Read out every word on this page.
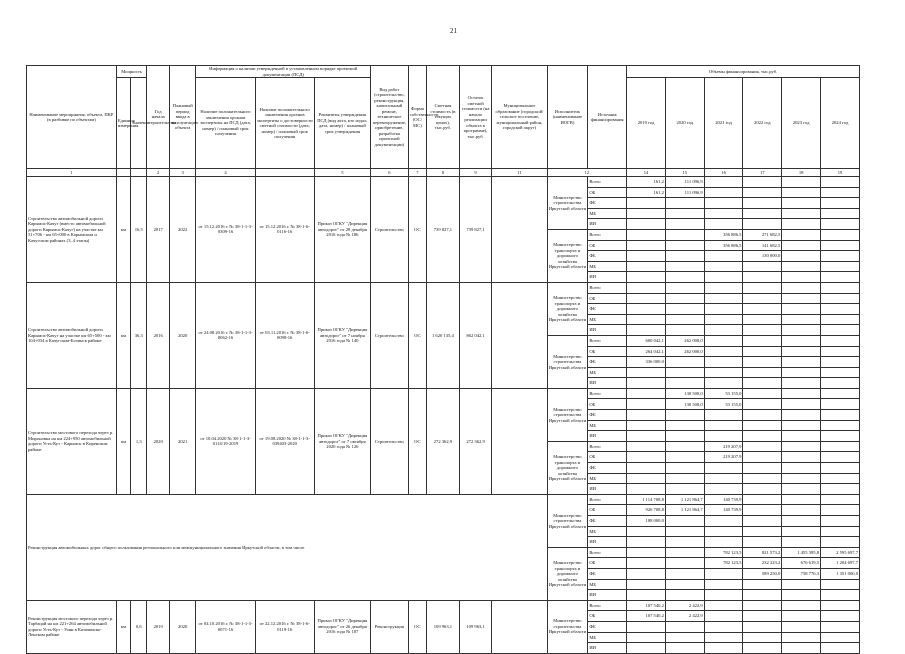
21
Наименование мероприятия, объекта, ПКР (в разбивке по объектам)	Мощность		Год начала строительства	Плановый период ввода в эксплуатацию объекта	Информация о наличии утвержденной в установленном порядке проектной документации (ПСД)			Вид работ (строительство, реконструкция, капитальный ремонт, техническое перевооружение, приобретение, разработка проектной документации)	Форма собственности (ОС/МС)	Сметная стоимость (в текущих ценах), тыс.руб.	Остаток сметной стоимости (на начало реализации объекта в программе), тыс.руб.	Муниципальное образование (городской/сельское поселение, муниципальный район, городской округ)	Исполнитель (наименование ИОГВ)	Источник финансирования	Объемы финансирования, тыс.руб.					
	Единица измерения	Значение			Наличие положительного заключения органов экспертизы на ПСД (дата, номер) / плановый срок получения	Наличие положительного заключения органов экспертизы о достоверности сметной стоимости (дата, номер) / плановый срок получения	Реквизиты утверждения ПСД (вид акта, кто издал, дата, номер) / плановый срок утверждения								2019 год	2020 год	2021 год	2022 год	2023 год	2024 год
1			2	3	4		5	6	7	8	9	11	12		14	15	16	17	18	19
Строительство автомобильной дороги Карымск-Качуг (вместо автомобильной дороги Кярымск-Качуг) на участке км 51+706 - км 65+000 в Карымском и Качугском районах (3, 4 этапы)	км	16,5	2017	2022	от 15.12.2016 г. № 38-1-1-3-0309-16	от 15.12.2016 г. № 38-1-6-0116-16	Приказ ОГКУ "Дирекция автодорог" от 28 декабря 2016 года № 186	Строительство	ОС	739 827,1	739 827,1		Министерство строительства Иркутской области	Всего	161,2	111 096,9				
														ОБ	161,2	111 096,9				
														ФБ						
														МБ						
														ИИ						
													Министерство транспорта и дорожного хозяйства Иркутской области	Всего			356 886,5	271 682,5		
														ОБ			356 886,5	141 682,5		
														ФБ				130 000,0		
														МБ						
														ИИ						
Строительство автомобильной дороги Карымск-Качуг на участке км 65+500 - км 104+034 в Качугском-Бозинск районе	км	36,3	2016	2020	от 24.08.2016 г. № 38-1-1-3-0062-16	от 03.11.2016 г. № 38-1-6-0098-16	Приказ ОГКУ "Дирекция автодорог" от 7 ноября 2016 года № 140	Строительство	ОС	1 620 135,4	862 042,1		Министерство транспорта и дорожного хозяйства Иркутской области	Всего						
														ОБ						
														ФБ						
														МБ						
														ИИ						
													Министерство строительства Иркутской области	Всего	600 042,1	262 000,0				
														ОБ	264 042,1	262 000,0				
														ФБ	336 000,0					
														МБ						
														ИИ						
Строительство мостового перехода через р. Мироновка на км 224+950 автомобильной дороги Усть-Кут - Карымск в Киренском районе	пм	1,3	2020	2021	от 10.04.2020 № 38-1-1-3-0114/19-2019	от 19.08.2020 № 38-1-1-3-039403-2020	Приказ ОГКУ "Дирекция автодорог" от 7 октября 2020 года № 126	Строительство	ОС	272 362,9	272 362,9		Министерство строительства Иркутской области	Всего		130 500,0	53 155,0			
														ОБ		130 500,0	53 155,0			
														ФБ						
														МБ						
														ИИ						
													Министерство транспорта и дорожного хозяйства Иркутской области	Всего			219 207,9			
														ОБ			219 207,9			
														ФБ						
														МБ						
														ИИ						
Реконструкция автомобильных дорог общего пользования регионального или межмуниципального значения Иркутской области, в том числе													Министерство строительства Иркутской области	Всего	1 114 708,8	1 121 864,7	140 739,9			
														ОБ	926 708,8	1 121 864,7	140 739,9			
														ФБ	188 000,0					
														МБ						
														ИИ						
													Министерство транспорта и дорожного хозяйства Иркутской области	Всего			782 123,5	821 573,2	1 455 395,8	2 595 697,7
														ОБ			782 123,5	232 323,2	676 619,5	1 204 697,7
														ФБ				589 250,0	758 776,3	1 351 000,0
														МБ						
														ИИ						
Реконструкция мостового перехода через р. Тарбацай на км 221+264 автомобильной дороги Усть-Кут - Уоян в Казачинско-Ленском районе	км	0,6	2019	2020	от 04.10.2016 г. № 38-1-1-3-0071-16	от 22.12.2016 г. № 38-1-6-0119-16	Приказ ОГКУ "Дирекция автодорог" от 26 декабря 2016 года № 187	Реконструкция	ОС	109 963,1	109 963,1		Министерство строительства Иркутской области	Всего	107 540,2	2 422,9				
														ОБ	107 540,2	2 422,9				
														ФБ						
														МБ						
														ИИ						
